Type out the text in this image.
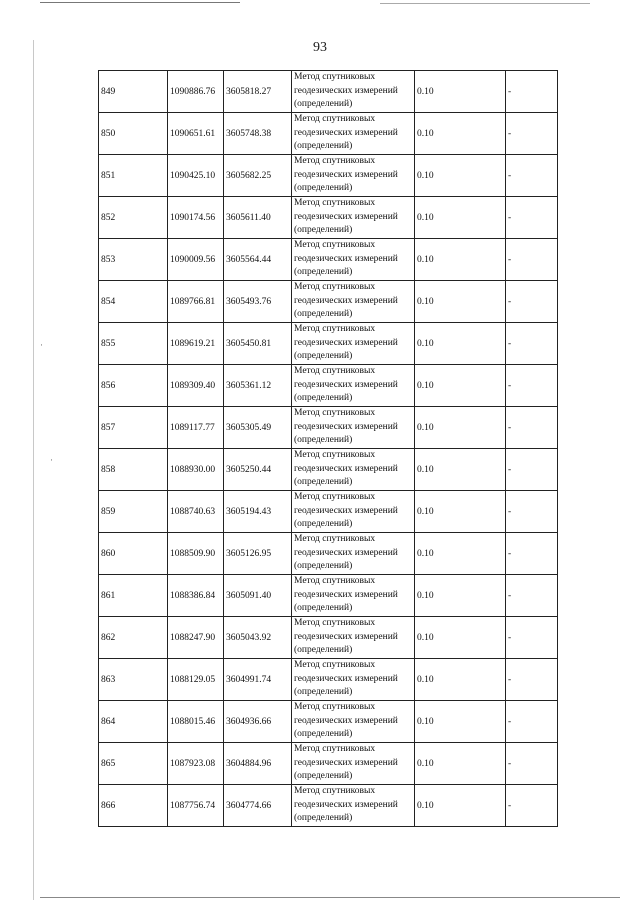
·
·
93
849	1090886.76	3605818.27	Метод спутниковых
геодезических измерений
(определений)	0.10	-
850	1090651.61	3605748.38	Метод спутниковых
геодезических измерений
(определений)	0.10	-
851	1090425.10	3605682.25	Метод спутниковых
геодезических измерений
(определений)	0.10	-
852	1090174.56	3605611.40	Метод спутниковых
геодезических измерений
(определений)	0.10	-
853	1090009.56	3605564.44	Метод спутниковых
геодезических измерений
(определений)	0.10	-
854	1089766.81	3605493.76	Метод спутниковых
геодезических измерений
(определений)	0.10	-
855	1089619.21	3605450.81	Метод спутниковых
геодезических измерений
(определений)	0.10	-
856	1089309.40	3605361.12	Метод спутниковых
геодезических измерений
(определений)	0.10	-
857	1089117.77	3605305.49	Метод спутниковых
геодезических измерений
(определений)	0.10	-
858	1088930.00	3605250.44	Метод спутниковых
геодезических измерений
(определений)	0.10	-
859	1088740.63	3605194.43	Метод спутниковых
геодезических измерений
(определений)	0.10	-
860	1088509.90	3605126.95	Метод спутниковых
геодезических измерений
(определений)	0.10	-
861	1088386.84	3605091.40	Метод спутниковых
геодезических измерений
(определений)	0.10	-
862	1088247.90	3605043.92	Метод спутниковых
геодезических измерений
(определений)	0.10	-
863	1088129.05	3604991.74	Метод спутниковых
геодезических измерений
(определений)	0.10	-
864	1088015.46	3604936.66	Метод спутниковых
геодезических измерений
(определений)	0.10	-
865	1087923.08	3604884.96	Метод спутниковых
геодезических измерений
(определений)	0.10	-
866	1087756.74	3604774.66	Метод спутниковых
геодезических измерений
(определений)	0.10	-
